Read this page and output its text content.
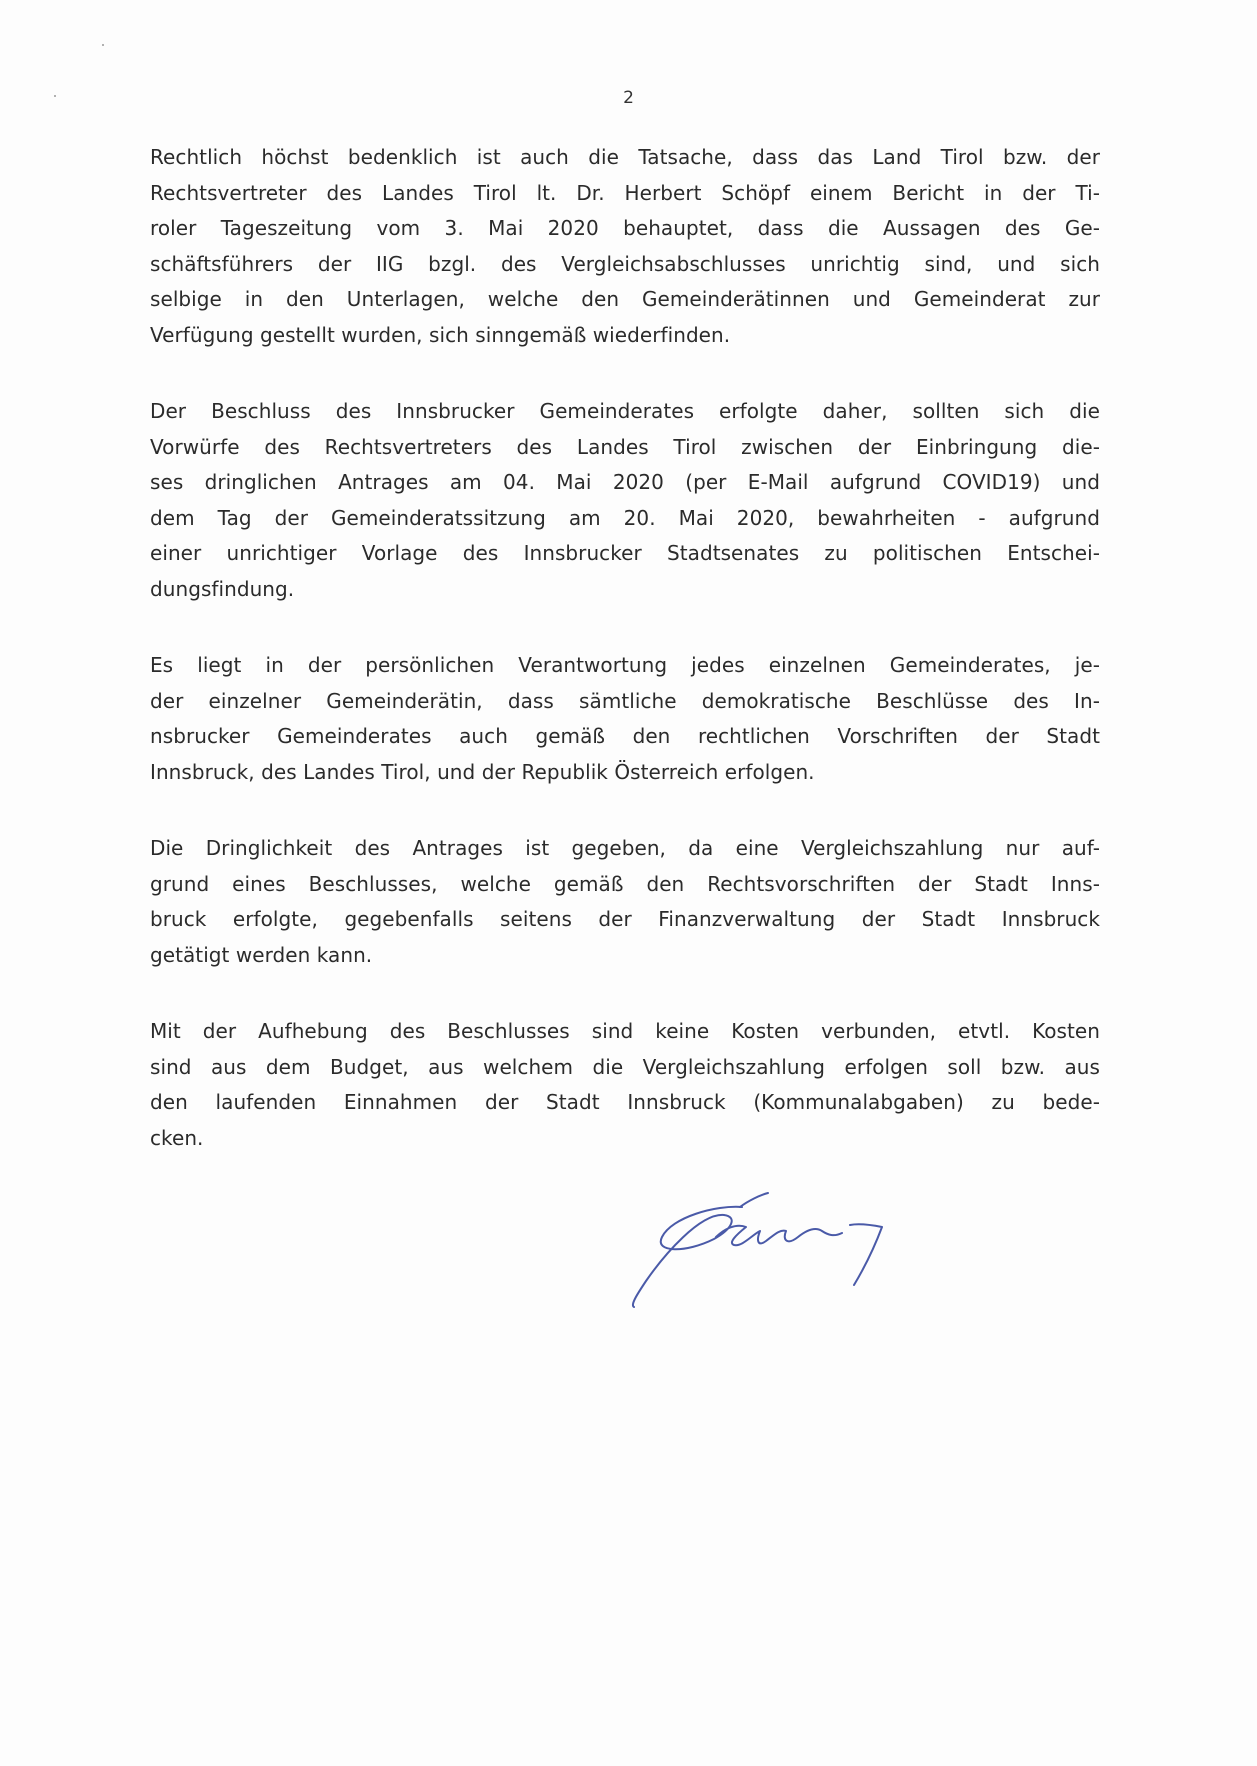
2

Rechtlich höchst bedenklich ist auch die Tatsache, dass das Land Tirol bzw. der
Rechtsvertreter des Landes Tirol lt. Dr. Herbert Schöpf einem Bericht in der Ti-
roler Tageszeitung vom 3. Mai 2020 behauptet, dass die Aussagen des Ge-
schäftsführers der IIG bzgl. des Vergleichsabschlusses unrichtig sind, und sich
selbige in den Unterlagen, welche den Gemeinderätinnen und Gemeinderat zur
Verfügung gestellt wurden, sich sinngemäß wiederfinden.

Der Beschluss des Innsbrucker Gemeinderates erfolgte daher, sollten sich die
Vorwürfe des Rechtsvertreters des Landes Tirol zwischen der Einbringung die-
ses dringlichen Antrages am 04. Mai 2020 (per E-Mail aufgrund COVID19) und
dem Tag der Gemeinderatssitzung am 20. Mai 2020, bewahrheiten - aufgrund
einer unrichtiger Vorlage des Innsbrucker Stadtsenates zu politischen Entschei-
dungsfindung.

Es liegt in der persönlichen Verantwortung jedes einzelnen Gemeinderates, je-
der einzelner Gemeinderätin, dass sämtliche demokratische Beschlüsse des In-
nsbrucker Gemeinderates auch gemäß den rechtlichen Vorschriften der Stadt
Innsbruck, des Landes Tirol, und der Republik Österreich erfolgen.

Die Dringlichkeit des Antrages ist gegeben, da eine Vergleichszahlung nur auf-
grund eines Beschlusses, welche gemäß den Rechtsvorschriften der Stadt Inns-
bruck erfolgte, gegebenfalls seitens der Finanzverwaltung der Stadt Innsbruck
getätigt werden kann.

Mit der Aufhebung des Beschlusses sind keine Kosten verbunden, etvtl. Kosten
sind aus dem Budget, aus welchem die Vergleichszahlung erfolgen soll bzw. aus
den laufenden Einnahmen der Stadt Innsbruck (Kommunalabgaben) zu bede-
cken.
